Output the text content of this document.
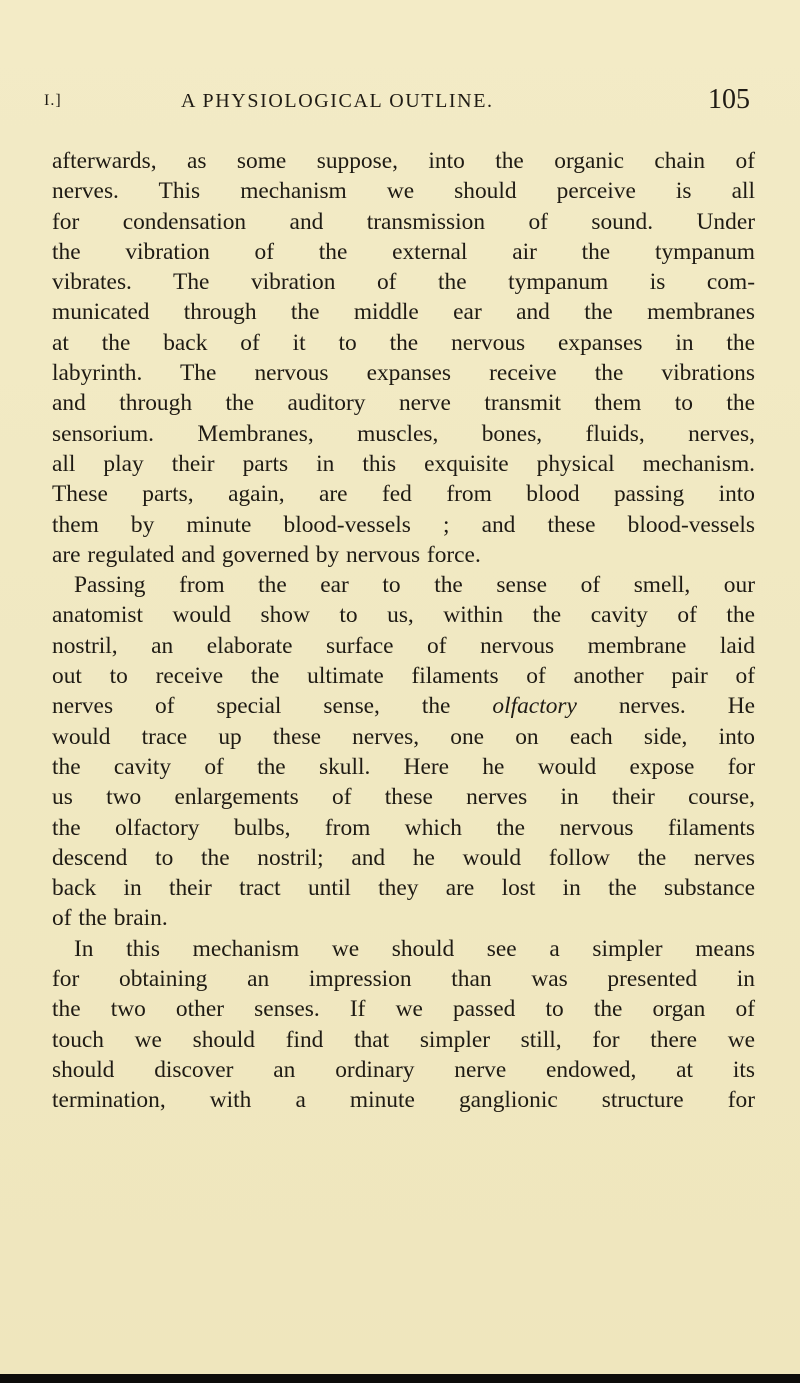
I.]	A PHYSIOLOGICAL OUTLINE.	105
afterwards, as some suppose, into the organic chain of
nerves. This mechanism we should perceive is all
for condensation and transmission of sound. Under
the vibration of the external air the tympanum
vibrates. The vibration of the tympanum is com-
municated through the middle ear and the membranes
at the back of it to the nervous expanses in the
labyrinth. The nervous expanses receive the vibrations
and through the auditory nerve transmit them to the
sensorium. Membranes, muscles, bones, fluids, nerves,
all play their parts in this exquisite physical mechanism.
These parts, again, are fed from blood passing into
them by minute blood-vessels ; and these blood-vessels
are regulated and governed by nervous force.
Passing from the ear to the sense of smell, our
anatomist would show to us, within the cavity of the
nostril, an elaborate surface of nervous membrane laid
out to receive the ultimate filaments of another pair of
nerves of special sense, the olfactory nerves. He
would trace up these nerves, one on each side, into
the cavity of the skull. Here he would expose for
us two enlargements of these nerves in their course,
the olfactory bulbs, from which the nervous filaments
descend to the nostril; and he would follow the nerves
back in their tract until they are lost in the substance
of the brain.
In this mechanism we should see a simpler means
for obtaining an impression than was presented in
the two other senses. If we passed to the organ of
touch we should find that simpler still, for there we
should discover an ordinary nerve endowed, at its
termination, with a minute ganglionic structure for
